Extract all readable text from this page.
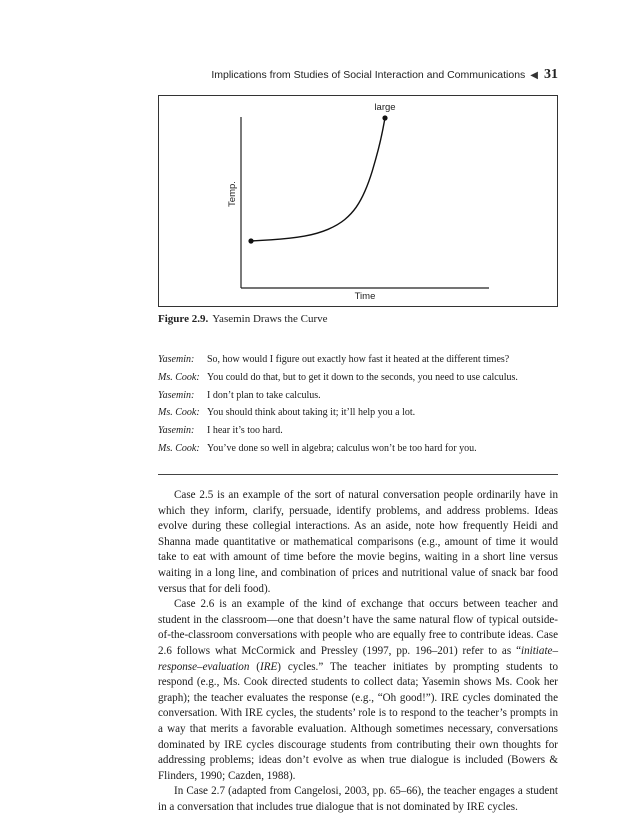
Implications from Studies of Social Interaction and Communications ◀ 31
large
Temp.
Time
Figure 2.9. Yasemin Draws the Curve
Yasemin:	So, how would I figure out exactly how fast it heated at the different times?
Ms. Cook: You could do that, but to get it down to the seconds, you need to use calculus.
Yasemin:	I don’t plan to take calculus.
Ms. Cook: You should think about taking it; it’ll help you a lot.
Yasemin:	I hear it’s too hard.
Ms. Cook: You’ve done so well in algebra; calculus won’t be too hard for you.

Case 2.5 is an example of the sort of natural conversation people ordinarily have in which they inform, clarify, persuade, identify problems, and address problems. Ideas evolve during these collegial interactions. As an aside, note how frequently Heidi and Shanna made quantitative or mathematical comparisons (e.g., amount of time it would take to eat with amount of time before the movie begins, waiting in a short line versus waiting in a long line, and combination of prices and nutritional value of snack bar food versus that for deli food).

Case 2.6 is an example of the kind of exchange that occurs between teacher and student in the classroom—one that doesn’t have the same natural flow of typical outside-of-the-classroom conversations with people who are equally free to contribute ideas. Case 2.6 follows what McCormick and Pressley (1997, pp. 196–201) refer to as “initiate–response–evaluation (IRE) cycles.” The teacher initiates by prompting students to respond (e.g., Ms. Cook directed students to collect data; Yasemin shows Ms. Cook her graph); the teacher evaluates the response (e.g., “Oh good!”). IRE cycles dominated the conversation. With IRE cycles, the students’ role is to respond to the teacher’s prompts in a way that merits a favorable evaluation. Although sometimes necessary, conversations dominated by IRE cycles discourage students from contributing their own thoughts for addressing problems; ideas don’t evolve as when true dialogue is included (Bowers & Flinders, 1990; Cazden, 1988).

In Case 2.7 (adapted from Cangelosi, 2003, pp. 65–66), the teacher engages a student in a conversation that includes true dialogue that is not dominated by IRE cycles.
